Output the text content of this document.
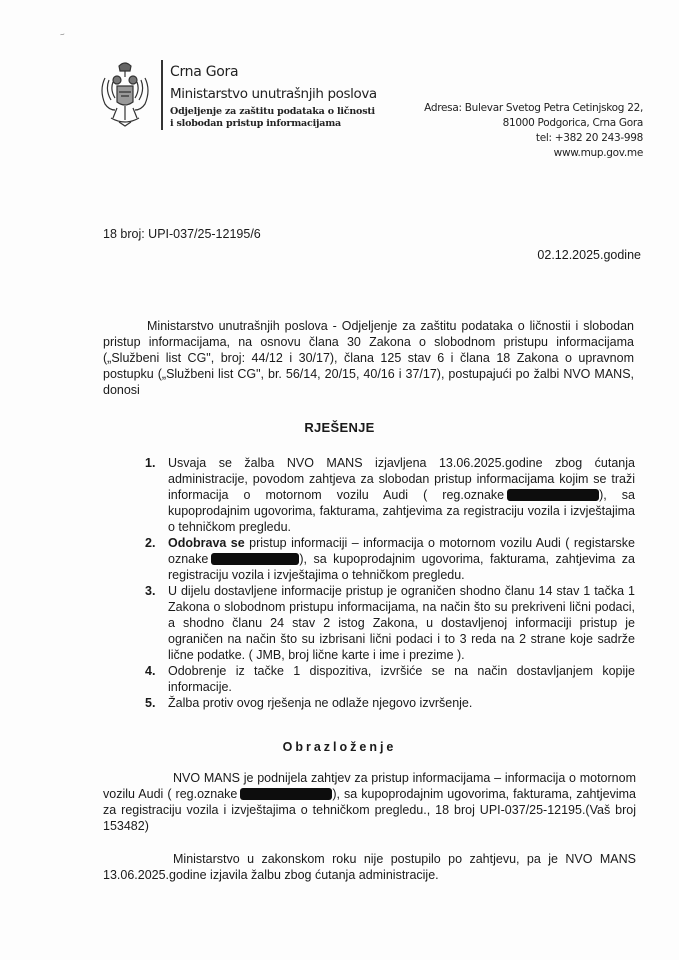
~
Crna Gora
Ministarstvo unutrašnjih poslova
Odjeljenje za zaštitu podataka o ličnosti
i slobodan pristup informacijama
Adresa: Bulevar Svetog Petra Cetinjskog 22,
81000 Podgorica, Crna Gora
tel: +382 20 243-998
www.mup.gov.me
18 broj: UPI-037/25-12195/6
02.12.2025.godine
Ministarstvo unutrašnjih poslova - Odjeljenje za zaštitu podataka o ličnostii i slobodan pristup informacijama, na osnovu člana 30 Zakona o slobodnom pristupu informacijama („Službeni list CG", broj: 44/12 i 30/17), člana 125 stav 6 i člana 18 Zakona o upravnom postupku („Službeni list CG", br. 56/14, 20/15, 40/16 i 37/17), postupajući po žalbi NVO MANS, donosi
RJEŠENJE
1. Usvaja se žalba NVO MANS izjavljena 13.06.2025.godine zbog ćutanja administracije, povodom zahtjeva za slobodan pristup informacijama kojim se traži informacija o motornom vozilu Audi ( reg.oznake	), sa kupoprodajnim ugovorima, fakturama, zahtjevima za registraciju vozila i izvještajima o tehničkom pregledu.
2. Odobrava se pristup informaciji – informacija o motornom vozilu Audi ( registarske oznake	), sa kupoprodajnim ugovorima, fakturama, zahtjevima za registraciju vozila i izvještajima o tehničkom pregledu.
3. U dijelu dostavljene informacije pristup je ograničen shodno članu 14 stav 1 tačka 1 Zakona o slobodnom pristupu informacijama, na način što su prekriveni lični podaci, a shodno članu 24 stav 2 istog Zakona, u dostavljenoj informaciji pristup je ograničen na način što su izbrisani lični podaci i to 3 reda na 2 strane koje sadrže lične podatke. ( JMB, broj lične karte i ime i prezime ).
4. Odobrenje iz tačke 1 dispozitiva, izvršiće se na način dostavljanjem kopije informacije.
5. Žalba protiv ovog rješenja ne odlaže njegovo izvršenje.
Obrazloženje
NVO MANS je podnijela zahtjev za pristup informacijama – informacija o motornom vozilu Audi ( reg.oznake	), sa kupoprodajnim ugovorima, fakturama, zahtjevima za registraciju vozila i izvještajima o tehničkom pregledu., 18 broj UPI-037/25-12195.(Vaš broj 153482)
Ministarstvo u zakonskom roku nije postupilo po zahtjevu, pa je NVO MANS 13.06.2025.godine izjavila žalbu zbog ćutanja administracije.
